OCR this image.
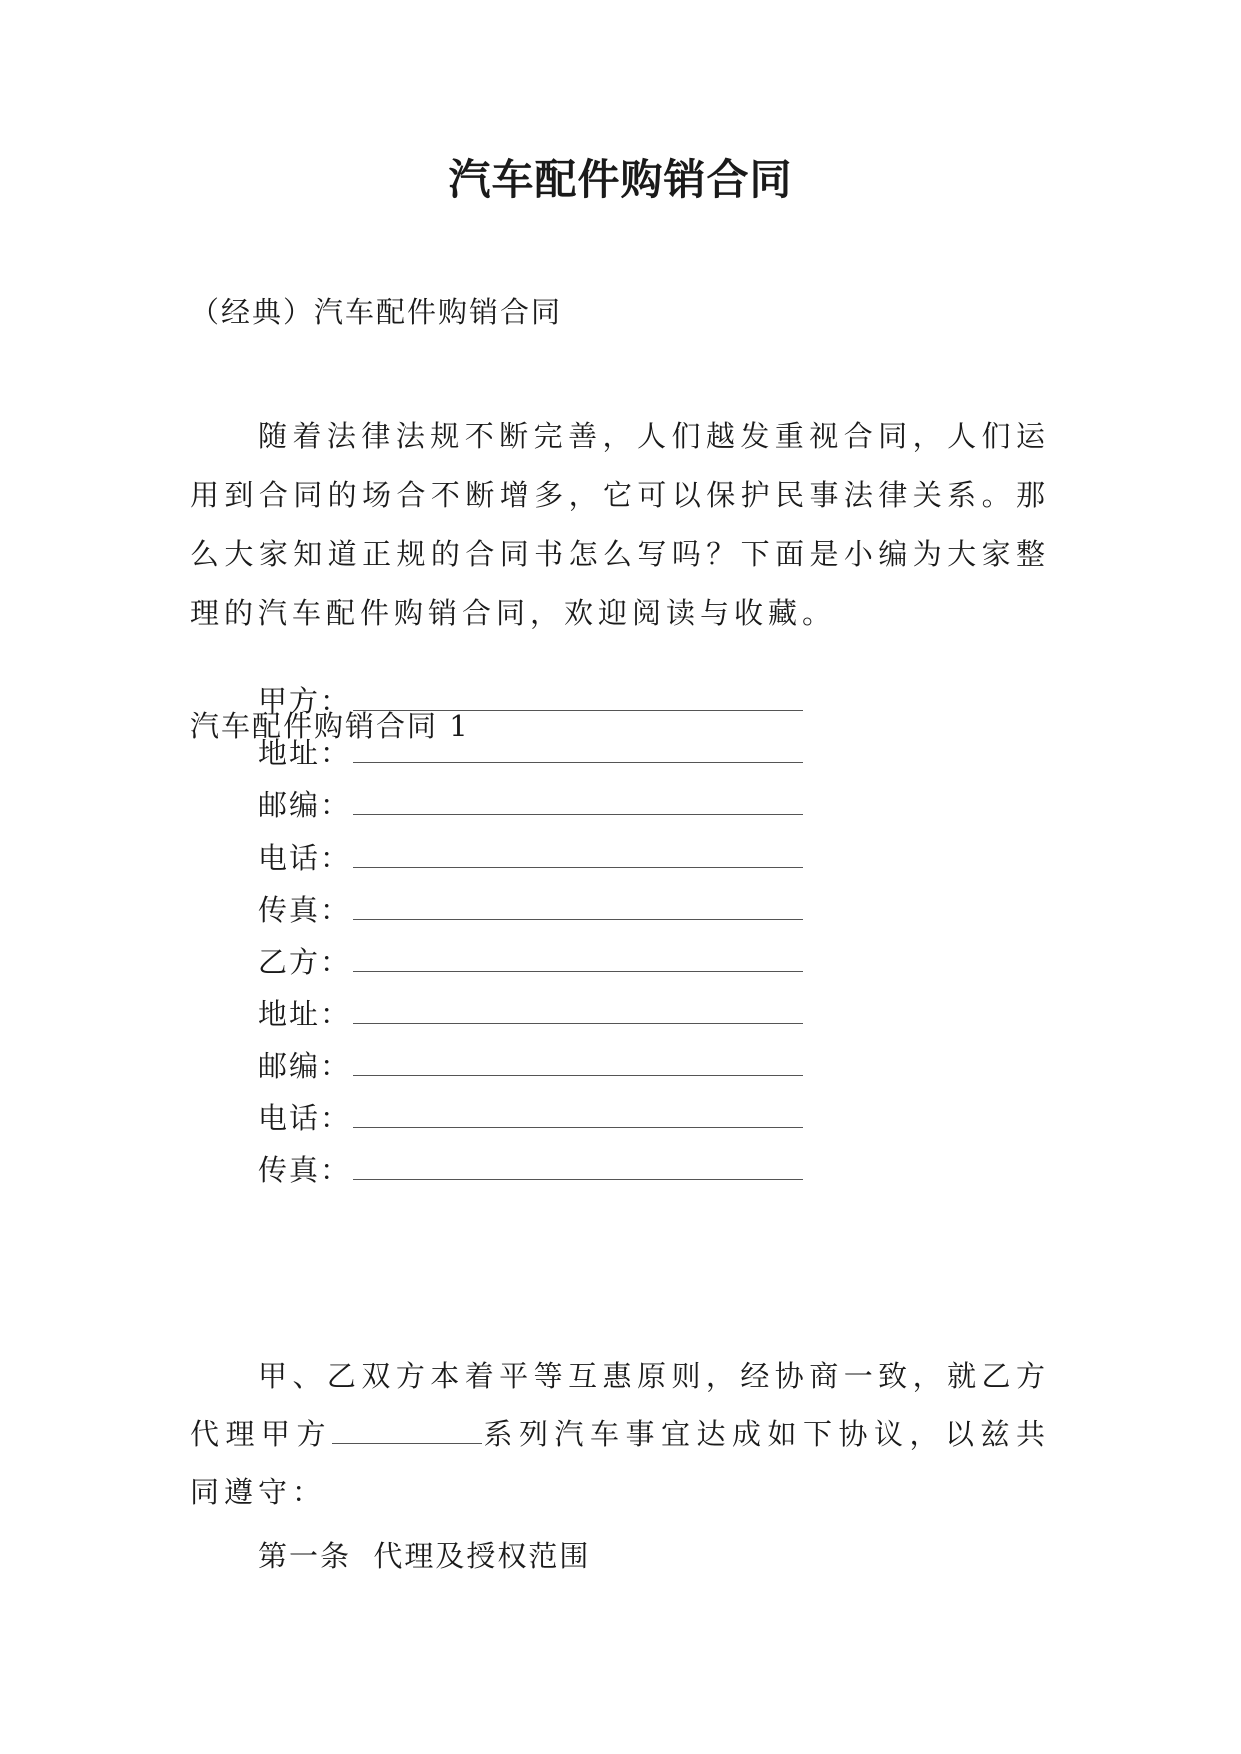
汽车配件购销合同
（经典）汽车配件购销合同

随着法律法规不断完善，人们越发重视合同，人们运用到合同的场合不断增多，它可以保护民事法律关系。那么大家知道正规的合同书怎么写吗？下面是小编为大家整理的汽车配件购销合同，欢迎阅读与收藏。

汽车配件购销合同 1
甲方：
地址：
邮编：
电话：
传真：
乙方：
地址：
邮编：
电话：
传真：

甲、乙双方本着平等互惠原则，经协商一致，就乙方代理甲方	系列汽车事宜达成如下协议，以兹共同遵守：

第一条  代理及授权范围
